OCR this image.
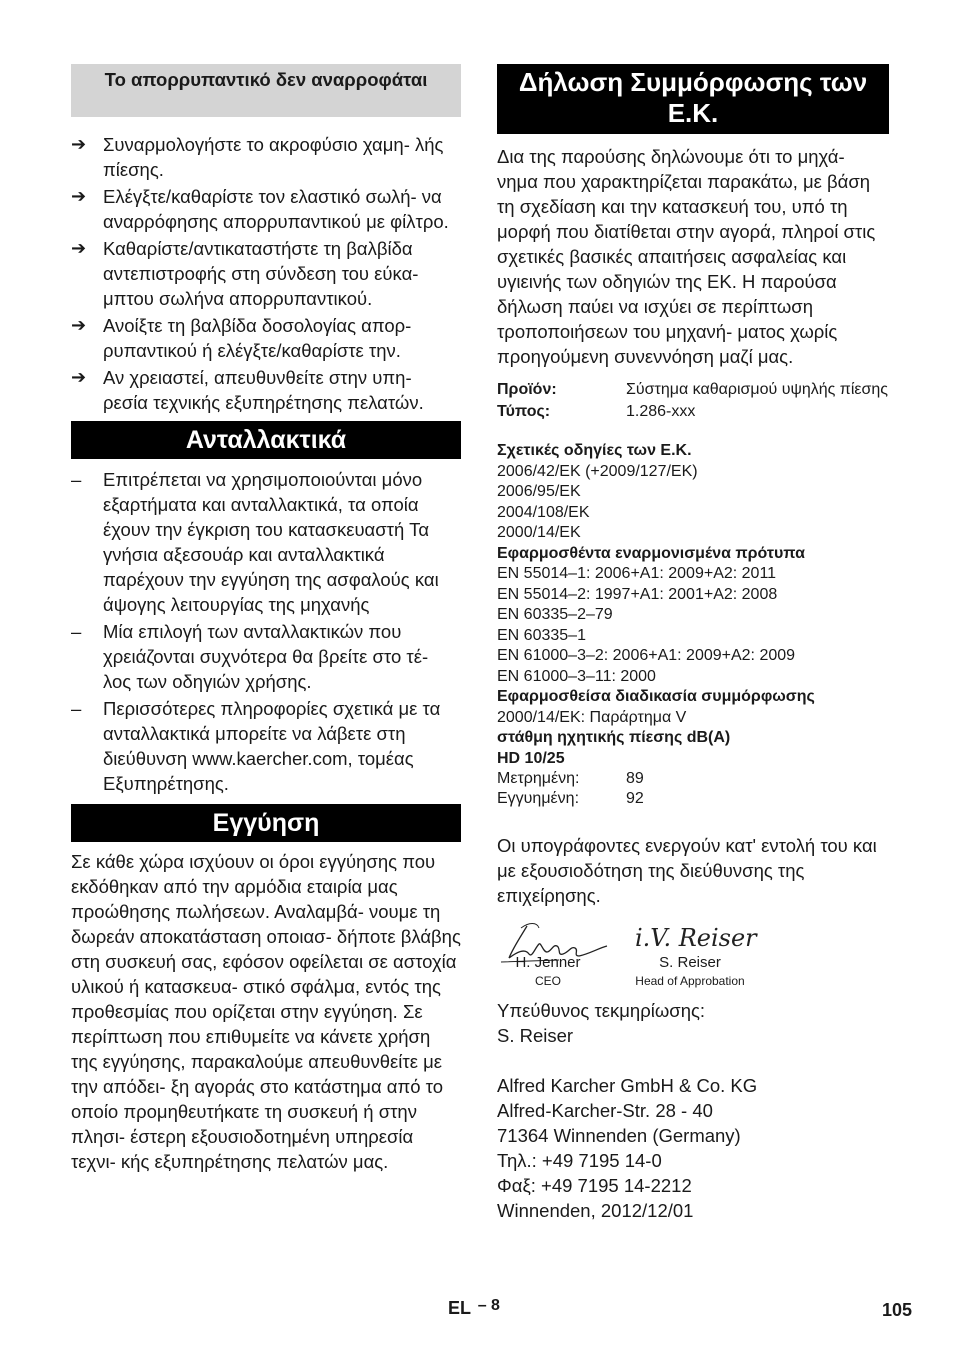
Το απορρυπαντικό δεν αναρροφάται
➔ Συναρμολογήστε το ακροφύσιο χαμη- λής πίεσης.
➔ Ελέγξτε/καθαρίστε τον ελαστικό σωλή- να αναρρόφησης απορρυπαντικού με φίλτρο.
➔ Καθαρίστε/αντικαταστήστε τη βαλβίδα αντεπιστροφής στη σύνδεση του εύκα- μπτου σωλήνα απορρυπαντικού.
➔ Ανοίξτε τη βαλβίδα δοσολογίας απορ- ρυπαντικού ή ελέγξτε/καθαρίστε την.
➔ Αν χρειαστεί, απευθυνθείτε στην υπη- ρεσία τεχνικής εξυπηρέτησης πελατών.
Ανταλλακτικά
–	Επιτρέπεται να χρησιμοποιούνται μόνο εξαρτήματα και ανταλλακτικά, τα οποία έχουν την έγκριση του κατασκευαστή Τα γνήσια αξεσουάρ και ανταλλακτικά παρέχουν την εγγύηση της ασφαλούς και άψογης λειτουργίας της μηχανής
–	Μία επιλογή των ανταλλακτικών που χρειάζονται συχνότερα θα βρείτε στο τέ- λος των οδηγιών χρήσης.
–	Περισσότερες πληροφορίες σχετικά με τα ανταλλακτικά μπορείτε να λάβετε στη διεύθυνση www.kaercher.com, τομέας Εξυπηρέτησης.
Εγγύηση
Σε κάθε χώρα ισχύουν οι όροι εγγύησης που εκδόθηκαν από την αρμόδια εταιρία μας προώθησης πωλήσεων. Αναλαμβά- νουμε τη δωρεάν αποκατάσταση οποιασ- δήποτε βλάβης στη συσκευή σας, εφόσον οφείλεται σε αστοχία υλικού ή κατασκευα- στικό σφάλμα, εντός της προθεσμίας που ορίζεται στην εγγύηση. Σε περίπτωση που επιθυμείτε να κάνετε χρήση της εγγύησης, παρακαλούμε απευθυνθείτε με την απόδει- ξη αγοράς στο κατάστημα από το οποίο προμηθευτήκατε τη συσκευή ή στην πλησι- έστερη εξουσιοδοτημένη υπηρεσία τεχνι- κής εξυπηρέτησης πελατών μας.
Δήλωση Συμμόρφωσης των Ε.Κ.
Δια της παρούσης δηλώνουμε ότι το μηχά- νημα που χαρακτηρίζεται παρακάτω, με βάση τη σχεδίαση και την κατασκευή του, υπό τη μορφή που διατίθεται στην αγορά, πληροί στις σχετικές βασικές απαιτήσεις ασφαλείας και υγιεινής των οδηγιών της ΕΚ. Η παρούσα δήλωση παύει να ισχύει σε περίπτωση τροποποιήσεων του μηχανή- ματος χωρίς προηγούμενη συνεννόηση μαζί μας.
Προϊόν:	Σύστημα καθαρισμού υψηλής πίεσης
Τύπος:	1.286-xxx
Σχετικές οδηγίες των Ε.Κ.
2006/42/EK (+2009/127/EK)
2006/95/EK
2004/108/EK
2000/14/EK
Εφαρμοσθέντα εναρμονισμένα πρότυπα
EN 55014–1: 2006+A1: 2009+A2: 2011
EN 55014–2: 1997+A1: 2001+A2: 2008
EN 60335–2–79
EN 60335–1
EN 61000–3–2: 2006+A1: 2009+A2: 2009
EN 61000–3–11: 2000
Εφαρμοσθείσα διαδικασία συμμόρφωσης
2000/14/EK: Παράρτημα V
στάθμη ηχητικής πίεσης dB(A)
HD 10/25
Μετρημένη:	89
Εγγυημένη:	92
Οι υπογράφοντες ενεργούν κατ' εντολή του και με εξουσιοδότηση της διεύθυνσης της επιχείρησης.
i.V. Reiser
H. Jenner
CEO
S. Reiser
Head of Approbation
Υπεύθυνος τεκμηρίωσης:
S. Reiser
Alfred Karcher GmbH & Co. KG
Alfred-Karcher-Str. 28 - 40
71364 Winnenden (Germany)
Τηλ.: +49 7195 14-0
Φαξ: +49 7195 14-2212
Winnenden, 2012/12/01
EL – 8	105
